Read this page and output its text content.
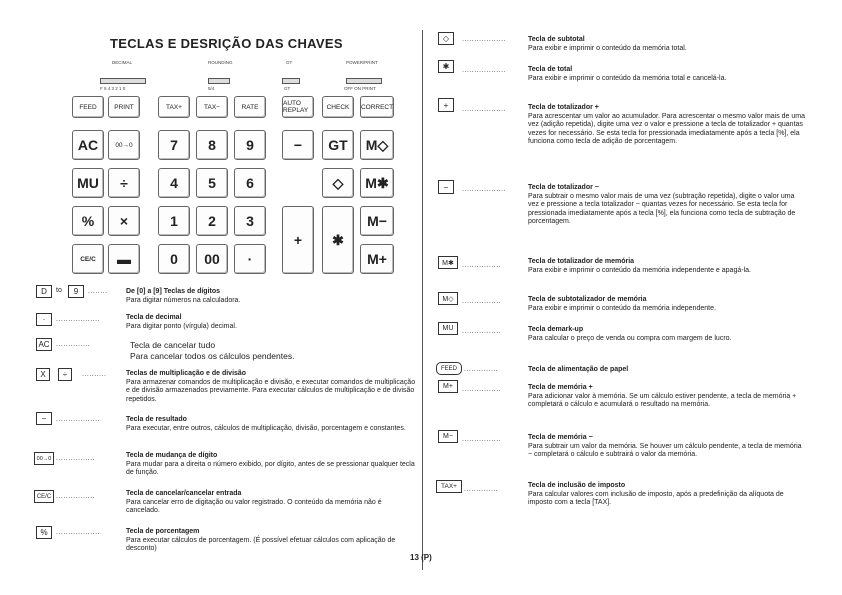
TECLAS E DESRIÇÃO DAS CHAVES
DECIMAL	ROUNDING	GT	POWER/PRINT
F 5 4 3 2 1 0	5/4	GT	OFF ON PRINT
FEED	PRINT	TAX+	TAX−	RATE	AUTO REPLAY	CHECK	CORRECT
AC	00→0	7	8	9	−	GT	M◇
MU	÷	4	5	6	◇	M✱
%	×	1	2	3
+	✱
M−
CE/C	▬	0	00	·	M+
D	to	9	........	De [0] a [9] Teclas de dígitos
Para digitar números na calculadora.
·	..................	Tecla de decimal
Para digitar ponto (vírgula) decimal.
AC ..............	Tecla de cancelar tudo
Para cancelar todos os cálculos pendentes.
X	÷	..........	Teclas de multiplicação e de divisão
Para armazenar comandos de multiplicação e divisão, e executar comandos de multiplicação e de divisão armazenados previamente. Para executar cálculos de multiplicação e de divisão repetidos.
−	..................	Tecla de resultado
Para executar, entre outros, cálculos de multiplicação, divisão, porcentagem e constantes.
00→0 ................	Tecla de mudança de dígito
Para mudar para a direita o número exibido, por dígito, antes de se pressionar qualquer tecla de função.
CE/C ................	Tecla de cancelar/cancelar entrada
Para cancelar erro de digitação ou valor registrado. O conteúdo da memória não é cancelado.
%	..................	Tecla de porcentagem
Para executar cálculos de porcentagem. (É possível efetuar cálculos com aplicação de desconto)
13 (P)
◇	..................	Tecla de subtotal
Para exibir e imprimir o conteúdo da memória total.
✱	..................	Tecla de total
Para exibir e imprimir o conteúdo da memória total e cancelá-la.
+	..................	Tecla de totalizador +
Para acrescentar um valor ao acumulador. Para acrescentar o mesmo valor mais de uma vez (adição repetida), digite uma vez o valor e pressione a tecla de totalizador + quantas vezes for necessário. Se esta tecla for pressionada imediatamente após a tecla [%], ela funciona como tecla de adição de porcentagem.
−	..................	Tecla de totalizador −
Para subtrair o mesmo valor mais de uma vez (subtração repetida), digite o valor uma vez e pressione a tecla totalizador − quantas vezes for necessário. Se esta tecla for pressionada imediatamente após a tecla [%], ela funciona como tecla de subtração de porcentagem.
M✱	................
Tecla de totalizador de memória
Para exibir e imprimir o conteúdo da memória independente e apagá-la.
M◇	................	Tecla de subtotalizador de memória
Para exibir e imprimir o conteúdo da memória independente.
MU	................	Tecla demark-up
Para calcular o preço de venda ou compra com margem de lucro.
FEED	..............	Tecla de alimentação de papel
M+	................	Tecla de memória +
Para adicionar valor à memória. Se um cálculo estiver pendente, a tecla de memória + completará o cálculo e acumulará o resultado na memória.
M−	................	Tecla de memória −
Para subtrair um valor da memória. Se houver um cálculo pendente, a tecla de memória − completará o cálculo e subtrairá o valor da memória.
TAX+	..............
Tecla de inclusão de imposto
Para calcular valores com inclusão de imposto, após a predefinição da alíquota de imposto com a tecla [TAX].
